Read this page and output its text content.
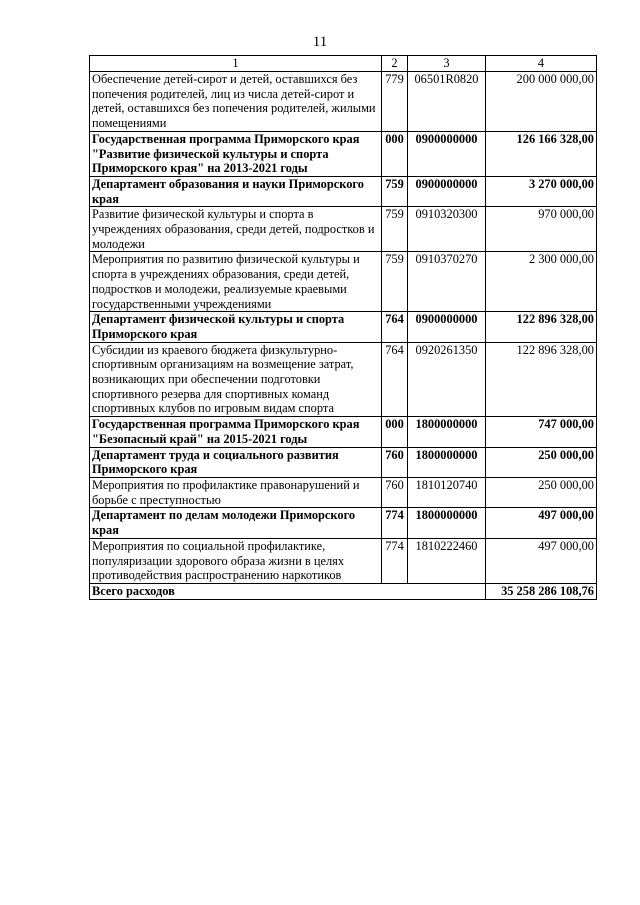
11
1	2	3	4
Обеспечение детей-сирот и детей, оставшихся без попечения родителей, лиц из числа детей-сирот и детей, оставшихся без попечения родителей, жилыми помещениями	779	06501R0820	200 000 000,00
Государственная программа Приморского края "Развитие физической культуры и спорта Приморского края" на 2013-2021 годы	000	0900000000	126 166 328,00
Департамент образования и науки Приморского края	759	0900000000	3 270 000,00
Развитие физической культуры и спорта в учреждениях образования, среди детей, подростков и молодежи	759	0910320300	970 000,00
Мероприятия по развитию физической культуры и спорта в учреждениях образования, среди детей, подростков и молодежи, реализуемые краевыми государственными учреждениями	759	0910370270	2 300 000,00
Департамент физической культуры и спорта Приморского края	764	0900000000	122 896 328,00
Субсидии из краевого бюджета физкультурно-спортивным организациям на возмещение затрат, возникающих при обеспечении подготовки спортивного резерва для спортивных команд спортивных клубов по игровым видам спорта	764	0920261350	122 896 328,00
Государственная программа Приморского края "Безопасный край" на 2015-2021 годы	000	1800000000	747 000,00
Департамент труда и социального развития Приморского края	760	1800000000	250 000,00
Мероприятия по профилактике правонарушений и борьбе с преступностью	760	1810120740	250 000,00
Департамент по делам молодежи Приморского края	774	1800000000	497 000,00
Мероприятия по социальной профилактике, популяризации здорового образа жизни в целях противодействия распространению наркотиков	774	1810222460	497 000,00
Всего расходов			35 258 286 108,76
